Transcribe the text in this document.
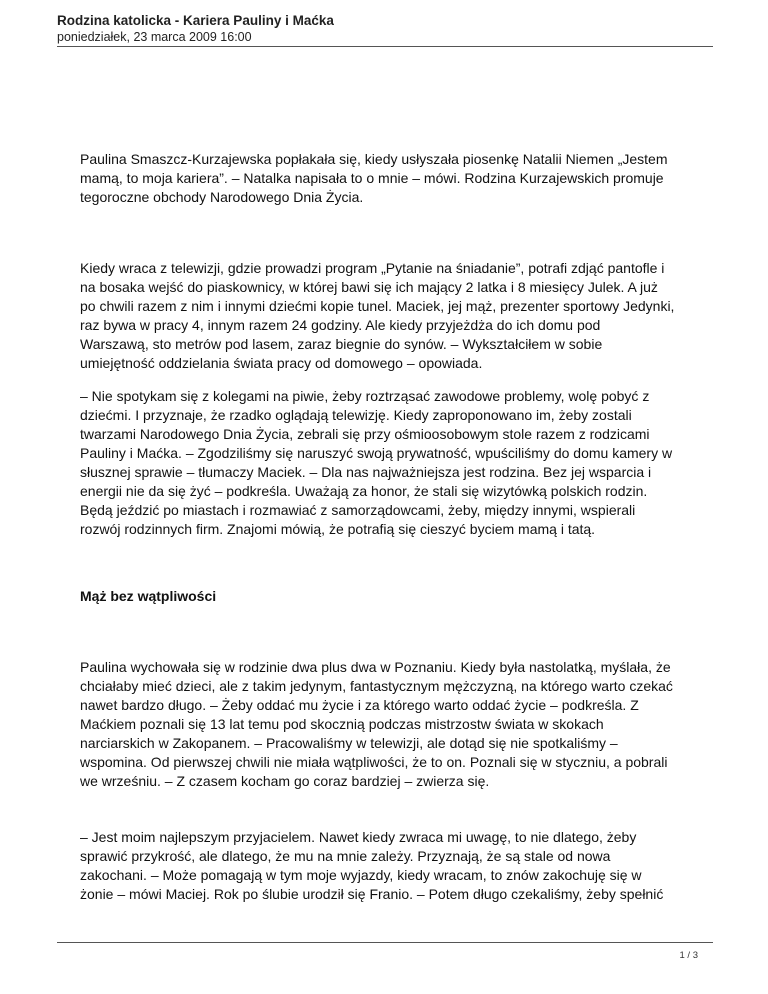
Rodzina katolicka - Kariera Pauliny i Maćka
poniedziałek, 23 marca 2009 16:00

Paulina Smaszcz-Kurzajewska popłakała się, kiedy usłyszała piosenkę Natalii Niemen „Jestem
mamą, to moja kariera”. – Natalka napisała to o mnie – mówi. Rodzina Kurzajewskich promuje
tegoroczne obchody Narodowego Dnia Życia.

Kiedy wraca z telewizji, gdzie prowadzi program „Pytanie na śniadanie”, potrafi zdjąć pantofle i
na bosaka wejść do piaskownicy, w której bawi się ich mający 2 latka i 8 miesięcy Julek. A już
po chwili razem z nim i innymi dziećmi kopie tunel. Maciek, jej mąż, prezenter sportowy Jedynki,
raz bywa w pracy 4, innym razem 24 godziny. Ale kiedy przyjeżdża do ich domu pod
Warszawą, sto metrów pod lasem, zaraz biegnie do synów. – Wykształciłem w sobie
umiejętność oddzielania świata pracy od domowego – opowiada.

– Nie spotykam się z kolegami na piwie, żeby roztrząsać zawodowe problemy, wolę pobyć z
dziećmi. I przyznaje, że rzadko oglądają telewizję. Kiedy zaproponowano im, żeby zostali
twarzami Narodowego Dnia Życia, zebrali się przy ośmioosobowym stole razem z rodzicami
Pauliny i Maćka. – Zgodziliśmy się naruszyć swoją prywatność, wpuściliśmy do domu kamery w
słusznej sprawie – tłumaczy Maciek. – Dla nas najważniejsza jest rodzina. Bez jej wsparcia i
energii nie da się żyć – podkreśla. Uważają za honor, że stali się wizytówką polskich rodzin.
Będą jeździć po miastach i rozmawiać z samorządowcami, żeby, między innymi, wspierali
rozwój rodzinnych firm. Znajomi mówią, że potrafią się cieszyć byciem mamą i tatą.

Mąż bez wątpliwości

Paulina wychowała się w rodzinie dwa plus dwa w Poznaniu. Kiedy była nastolatką, myślała, że
chciałaby mieć dzieci, ale z takim jedynym, fantastycznym mężczyzną, na którego warto czekać
nawet bardzo długo. – Żeby oddać mu życie i za którego warto oddać życie – podkreśla. Z
Maćkiem poznali się 13 lat temu pod skocznią podczas mistrzostw świata w skokach
narciarskich w Zakopanem. – Pracowaliśmy w telewizji, ale dotąd się nie spotkaliśmy –
wspomina. Od pierwszej chwili nie miała wątpliwości, że to on. Poznali się w styczniu, a pobrali
we wrześniu. – Z czasem kocham go coraz bardziej – zwierza się.

– Jest moim najlepszym przyjacielem. Nawet kiedy zwraca mi uwagę, to nie dlatego, żeby
sprawić przykrość, ale dlatego, że mu na mnie zależy. Przyznają, że są stale od nowa
zakochani. – Może pomagają w tym moje wyjazdy, kiedy wracam, to znów zakochuję się w
żonie – mówi Maciej. Rok po ślubie urodził się Franio. – Potem długo czekaliśmy, żeby spełnić

1 / 3
